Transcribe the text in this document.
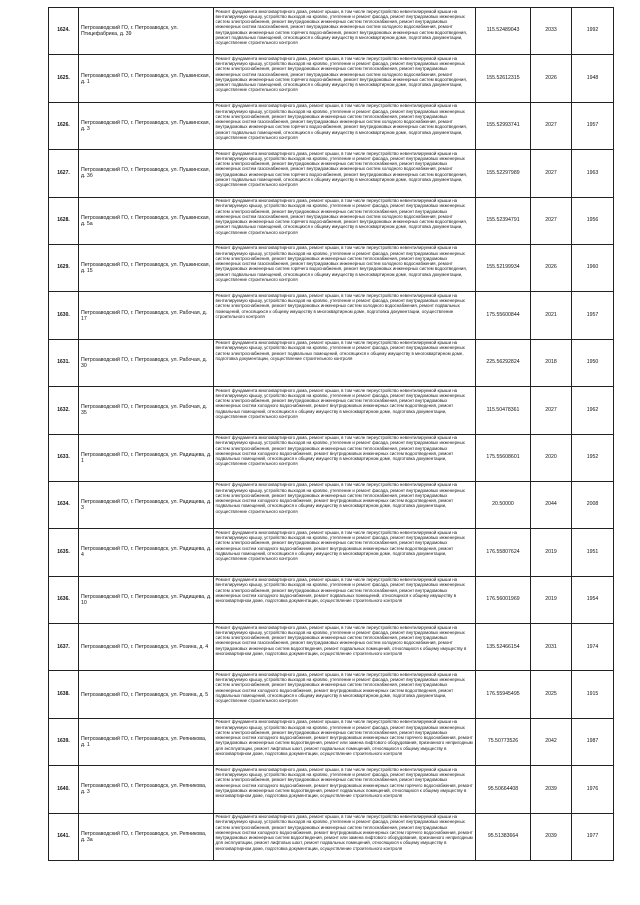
1624.	Петрозаводский ГО, г. Петрозаводск, ул. Птицефабрика, д. 39	Ремонт фундамента многоквартирного дома, ремонт крыши, в том числе переустройство невентилируемой крыши на вентилируемую крышу, устройство выходов на кровлю, утепление и ремонт фасада, ремонт внутридомовых инженерных систем электроснабжения, ремонт внутридомовых инженерных систем теплоснабжения, ремонт внутридомовых инженерных систем газоснабжения, ремонт внутридомовых инженерных систем холодного водоснабжения, ремонт внутридомовых инженерных систем горячего водоснабжения, ремонт внутридомовых инженерных систем водоотведения, ремонт подвальных помещений, относящихся к общему имуществу в многоквартирном доме, подготовка документации, осуществление строительного контроля	115.52489043	2033	1992
1625.	Петрозаводский ГО, г. Петрозаводск, ул. Пушкинская, д. 1	Ремонт фундамента многоквартирного дома, ремонт крыши, в том числе переустройство невентилируемой крыши на вентилируемую крышу, устройство выходов на кровлю, утепление и ремонт фасада, ремонт внутридомовых инженерных систем электроснабжения, ремонт внутридомовых инженерных систем теплоснабжения, ремонт внутридомовых инженерных систем газоснабжения, ремонт внутридомовых инженерных систем холодного водоснабжения, ремонт внутридомовых инженерных систем горячего водоснабжения, ремонт внутридомовых инженерных систем водоотведения, ремонт подвальных помещений, относящихся к общему имуществу в многоквартирном доме, подготовка документации, осуществление строительного контроля	155.52612315	2026	1948
1626.	Петрозаводский ГО, г. Петрозаводск, ул. Пушкинская, д. 3	Ремонт фундамента многоквартирного дома, ремонт крыши, в том числе переустройство невентилируемой крыши на вентилируемую крышу, устройство выходов на кровлю, утепление и ремонт фасада, ремонт внутридомовых инженерных систем электроснабжения, ремонт внутридомовых инженерных систем теплоснабжения, ремонт внутридомовых инженерных систем газоснабжения, ремонт внутридомовых инженерных систем холодного водоснабжения, ремонт внутридомовых инженерных систем горячего водоснабжения, ремонт внутридомовых инженерных систем водоотведения, ремонт подвальных помещений, относящихся к общему имуществу в многоквартирном доме, подготовка документации, осуществление строительного контроля	155.52993741	2027	1957
1627.	Петрозаводский ГО, г. Петрозаводск, ул. Пушкинская, д. 3б	Ремонт фундамента многоквартирного дома, ремонт крыши, в том числе переустройство невентилируемой крыши на вентилируемую крышу, устройство выходов на кровлю, утепление и ремонт фасада, ремонт внутридомовых инженерных систем электроснабжения, ремонт внутридомовых инженерных систем теплоснабжения, ремонт внутридомовых инженерных систем газоснабжения, ремонт внутридомовых инженерных систем холодного водоснабжения, ремонт внутридомовых инженерных систем горячего водоснабжения, ремонт внутридомовых инженерных систем водоотведения, ремонт подвальных помещений, относящихся к общему имуществу в многоквартирном доме, подготовка документации, осуществление строительного контроля	155.52297989	2027	1963
1628.	Петрозаводский ГО, г. Петрозаводск, ул. Пушкинская, д. 5а	Ремонт фундамента многоквартирного дома, ремонт крыши, в том числе переустройство невентилируемой крыши на вентилируемую крышу, устройство выходов на кровлю, утепление и ремонт фасада, ремонт внутридомовых инженерных систем электроснабжения, ремонт внутридомовых инженерных систем теплоснабжения, ремонт внутридомовых инженерных систем газоснабжения, ремонт внутридомовых инженерных систем холодного водоснабжения, ремонт внутридомовых инженерных систем горячего водоснабжения, ремонт внутридомовых инженерных систем водоотведения, ремонт подвальных помещений, относящихся к общему имуществу в многоквартирном доме, подготовка документации, осуществление строительного контроля	155.52394791	2027	1956
1629.	Петрозаводский ГО, г. Петрозаводск, ул. Пушкинская, д. 15	Ремонт фундамента многоквартирного дома, ремонт крыши, в том числе переустройство невентилируемой крыши на вентилируемую крышу, устройство выходов на кровлю, утепление и ремонт фасада, ремонт внутридомовых инженерных систем электроснабжения, ремонт внутридомовых инженерных систем теплоснабжения, ремонт внутридомовых инженерных систем газоснабжения, ремонт внутридомовых инженерных систем холодного водоснабжения, ремонт внутридомовых инженерных систем горячего водоснабжения, ремонт внутридомовых инженерных систем водоотведения, ремонт подвальных помещений, относящихся к общему имуществу в многоквартирном доме, подготовка документации, осуществление строительного контроля	155.52199934	2026	1960
1630.	Петрозаводский ГО, г. Петрозаводск, ул. Рабочая, д. 17	Ремонт фундамента многоквартирного дома, ремонт крыши, в том числе переустройство невентилируемой крыши на вентилируемую крышу, устройство выходов на кровлю, утепление и ремонт фасада, ремонт внутридомовых инженерных систем электроснабжения, ремонт внутридомовых инженерных систем холодного водоснабжения, ремонт подвальных помещений, относящихся к общему имуществу в многоквартирном доме, подготовка документации, осуществление строительного контроля	175.55600844	2021	1957
1631.	Петрозаводский ГО, г. Петрозаводск, ул. Рабочая, д. 30	Ремонт фундамента многоквартирного дома, ремонт крыши, в том числе переустройство невентилируемой крыши на вентилируемую крышу, устройство выходов на кровлю, утепление и ремонт фасада, ремонт внутридомовых инженерных систем электроснабжения, ремонт подвальных помещений, относящихся к общему имуществу в многоквартирном доме, подготовка документации, осуществление строительного контроля	225.56292824	2018	1950
1632.	Петрозаводский ГО, г. Петрозаводск, ул. Рабочая, д. 35	Ремонт фундамента многоквартирного дома, ремонт крыши, в том числе переустройство невентилируемой крыши на вентилируемую крышу, устройство выходов на кровлю, утепление и ремонт фасада, ремонт внутридомовых инженерных систем электроснабжения, ремонт внутридомовых инженерных систем теплоснабжения, ремонт внутридомовых инженерных систем холодного водоснабжения, ремонт внутридомовых инженерных систем водоотведения, ремонт подвальных помещений, относящихся к общему имуществу в многоквартирном доме, подготовка документации, осуществление строительного контроля	115.50478361	2027	1962
1633.	Петрозаводский ГО, г. Петрозаводск, ул. Радищева, д. 1	Ремонт фундамента многоквартирного дома, ремонт крыши, в том числе переустройство невентилируемой крыши на вентилируемую крышу, устройство выходов на кровлю, утепление и ремонт фасада, ремонт внутридомовых инженерных систем электроснабжения, ремонт внутридомовых инженерных систем теплоснабжения, ремонт внутридомовых инженерных систем холодного водоснабжения, ремонт внутридомовых инженерных систем водоотведения, ремонт подвальных помещений, относящихся к общему имуществу в многоквартирном доме, подготовка документации, осуществление строительного контроля	175.55608601	2020	1952
1634.	Петрозаводский ГО, г. Петрозаводск, ул. Радищева, д. 3	Ремонт фундамента многоквартирного дома, ремонт крыши, в том числе переустройство невентилируемой крыши на вентилируемую крышу, устройство выходов на кровлю, утепление и ремонт фасада, ремонт внутридомовых инженерных систем электроснабжения, ремонт внутридомовых инженерных систем теплоснабжения, ремонт внутридомовых инженерных систем холодного водоснабжения, ремонт внутридомовых инженерных систем водоотведения, ремонт подвальных помещений, относящихся к общему имуществу в многоквартирном доме, подготовка документации, осуществление строительного контроля	20.50000	2044	2008
1635.	Петрозаводский ГО, г. Петрозаводск, ул. Радищева, д. 4	Ремонт фундамента многоквартирного дома, ремонт крыши, в том числе переустройство невентилируемой крыши на вентилируемую крышу, устройство выходов на кровлю, утепление и ремонт фасада, ремонт внутридомовых инженерных систем электроснабжения, ремонт внутридомовых инженерных систем теплоснабжения, ремонт внутридомовых инженерных систем холодного водоснабжения, ремонт внутридомовых инженерных систем водоотведения, ремонт подвальных помещений, относящихся к общему имуществу в многоквартирном доме, подготовка документации, осуществление строительного контроля	176.55807624	2019	1951
1636.	Петрозаводский ГО, г. Петрозаводск, ул. Радищева, д. 10	Ремонт фундамента многоквартирного дома, ремонт крыши, в том числе переустройство невентилируемой крыши на вентилируемую крышу, устройство выходов на кровлю, утепление и ремонт фасада, ремонт внутридомовых инженерных систем электроснабжения, ремонт внутридомовых инженерных систем теплоснабжения, ремонт внутридомовых инженерных систем холодного водоснабжения, ремонт подвальных помещений, относящихся к общему имуществу в многоквартирном доме, подготовка документации, осуществление строительного контроля	176.56001969	2019	1954
1637.	Петрозаводский ГО, г. Петрозаводск, ул. Розина, д. 4	Ремонт фундамента многоквартирного дома, ремонт крыши, в том числе переустройство невентилируемой крыши на вентилируемую крышу, устройство выходов на кровлю, утепление и ремонт фасада, ремонт внутридомовых инженерных систем электроснабжения, ремонт внутридомовых инженерных систем теплоснабжения, ремонт внутридомовых инженерных систем газоснабжения, ремонт внутридомовых инженерных систем холодного водоснабжения, ремонт внутридомовых инженерных систем водоотведения, ремонт подвальных помещений, относящихся к общему имуществу в многоквартирном доме, подготовка документации, осуществление строительного контроля	135.52466154	2031	1974
1638.	Петрозаводский ГО, г. Петрозаводск, ул. Розина, д. 5	Ремонт фундамента многоквартирного дома, ремонт крыши, в том числе переустройство невентилируемой крыши на вентилируемую крышу, устройство выходов на кровлю, утепление и ремонт фасада, ремонт внутридомовых инженерных систем электроснабжения, ремонт внутридомовых инженерных систем теплоснабжения, ремонт внутридомовых инженерных систем холодного водоснабжения, ремонт внутридомовых инженерных систем водоотведения, ремонт подвальных помещений, относящихся к общему имуществу в многоквартирном доме, подготовка документации, осуществление строительного контроля	176.55945495	2025	1915
1639.	Петрозаводский ГО, г. Петрозаводск, ул. Репникова, д. 1	Ремонт фундамента многоквартирного дома, ремонт крыши, в том числе переустройство невентилируемой крыши на вентилируемую крышу, устройство выходов на кровлю, утепление и ремонт фасада, ремонт внутридомовых инженерных систем электроснабжения, ремонт внутридомовых инженерных систем теплоснабжения, ремонт внутридомовых инженерных систем холодного водоснабжения, ремонт внутридомовых инженерных систем горячего водоснабжения, ремонт внутридомовых инженерных систем водоотведения, ремонт или замена лифтового оборудования, признанного непригодным для эксплуатации, ремонт лифтовых шахт, ремонт подвальных помещений, относящихся к общему имуществу в многоквартирном доме, подготовка документации, осуществление строительного контроля	75.50773526	2042	1987
1640.	Петрозаводский ГО, г. Петрозаводск, ул. Репникова, д. 3	Ремонт фундамента многоквартирного дома, ремонт крыши, в том числе переустройство невентилируемой крыши на вентилируемую крышу, устройство выходов на кровлю, утепление и ремонт фасада, ремонт внутридомовых инженерных систем электроснабжения, ремонт внутридомовых инженерных систем теплоснабжения, ремонт внутридомовых инженерных систем холодного водоснабжения, ремонт внутридомовых инженерных систем горячего водоснабжения, ремонт внутридомовых инженерных систем водоотведения, ремонт подвальных помещений, относящихся к общему имуществу в многоквартирном доме, подготовка документации, осуществление строительного контроля	95.50664408	2039	1976
1641.	Петрозаводский ГО, г. Петрозаводск, ул. Репникова, д. 3а	Ремонт фундамента многоквартирного дома, ремонт крыши, в том числе переустройство невентилируемой крыши на вентилируемую крышу, устройство выходов на кровлю, утепление и ремонт фасада, ремонт внутридомовых инженерных систем электроснабжения, ремонт внутридомовых инженерных систем теплоснабжения, ремонт внутридомовых инженерных систем холодного водоснабжения, ремонт внутридомовых инженерных систем горячего водоснабжения, ремонт внутридомовых инженерных систем водоотведения, ремонт или замена лифтового оборудования, признанного непригодным для эксплуатации, ремонт лифтовых шахт, ремонт подвальных помещений, относящихся к общему имуществу в многоквартирном доме, подготовка документации, осуществление строительного контроля	95.51383664	2039	1977
